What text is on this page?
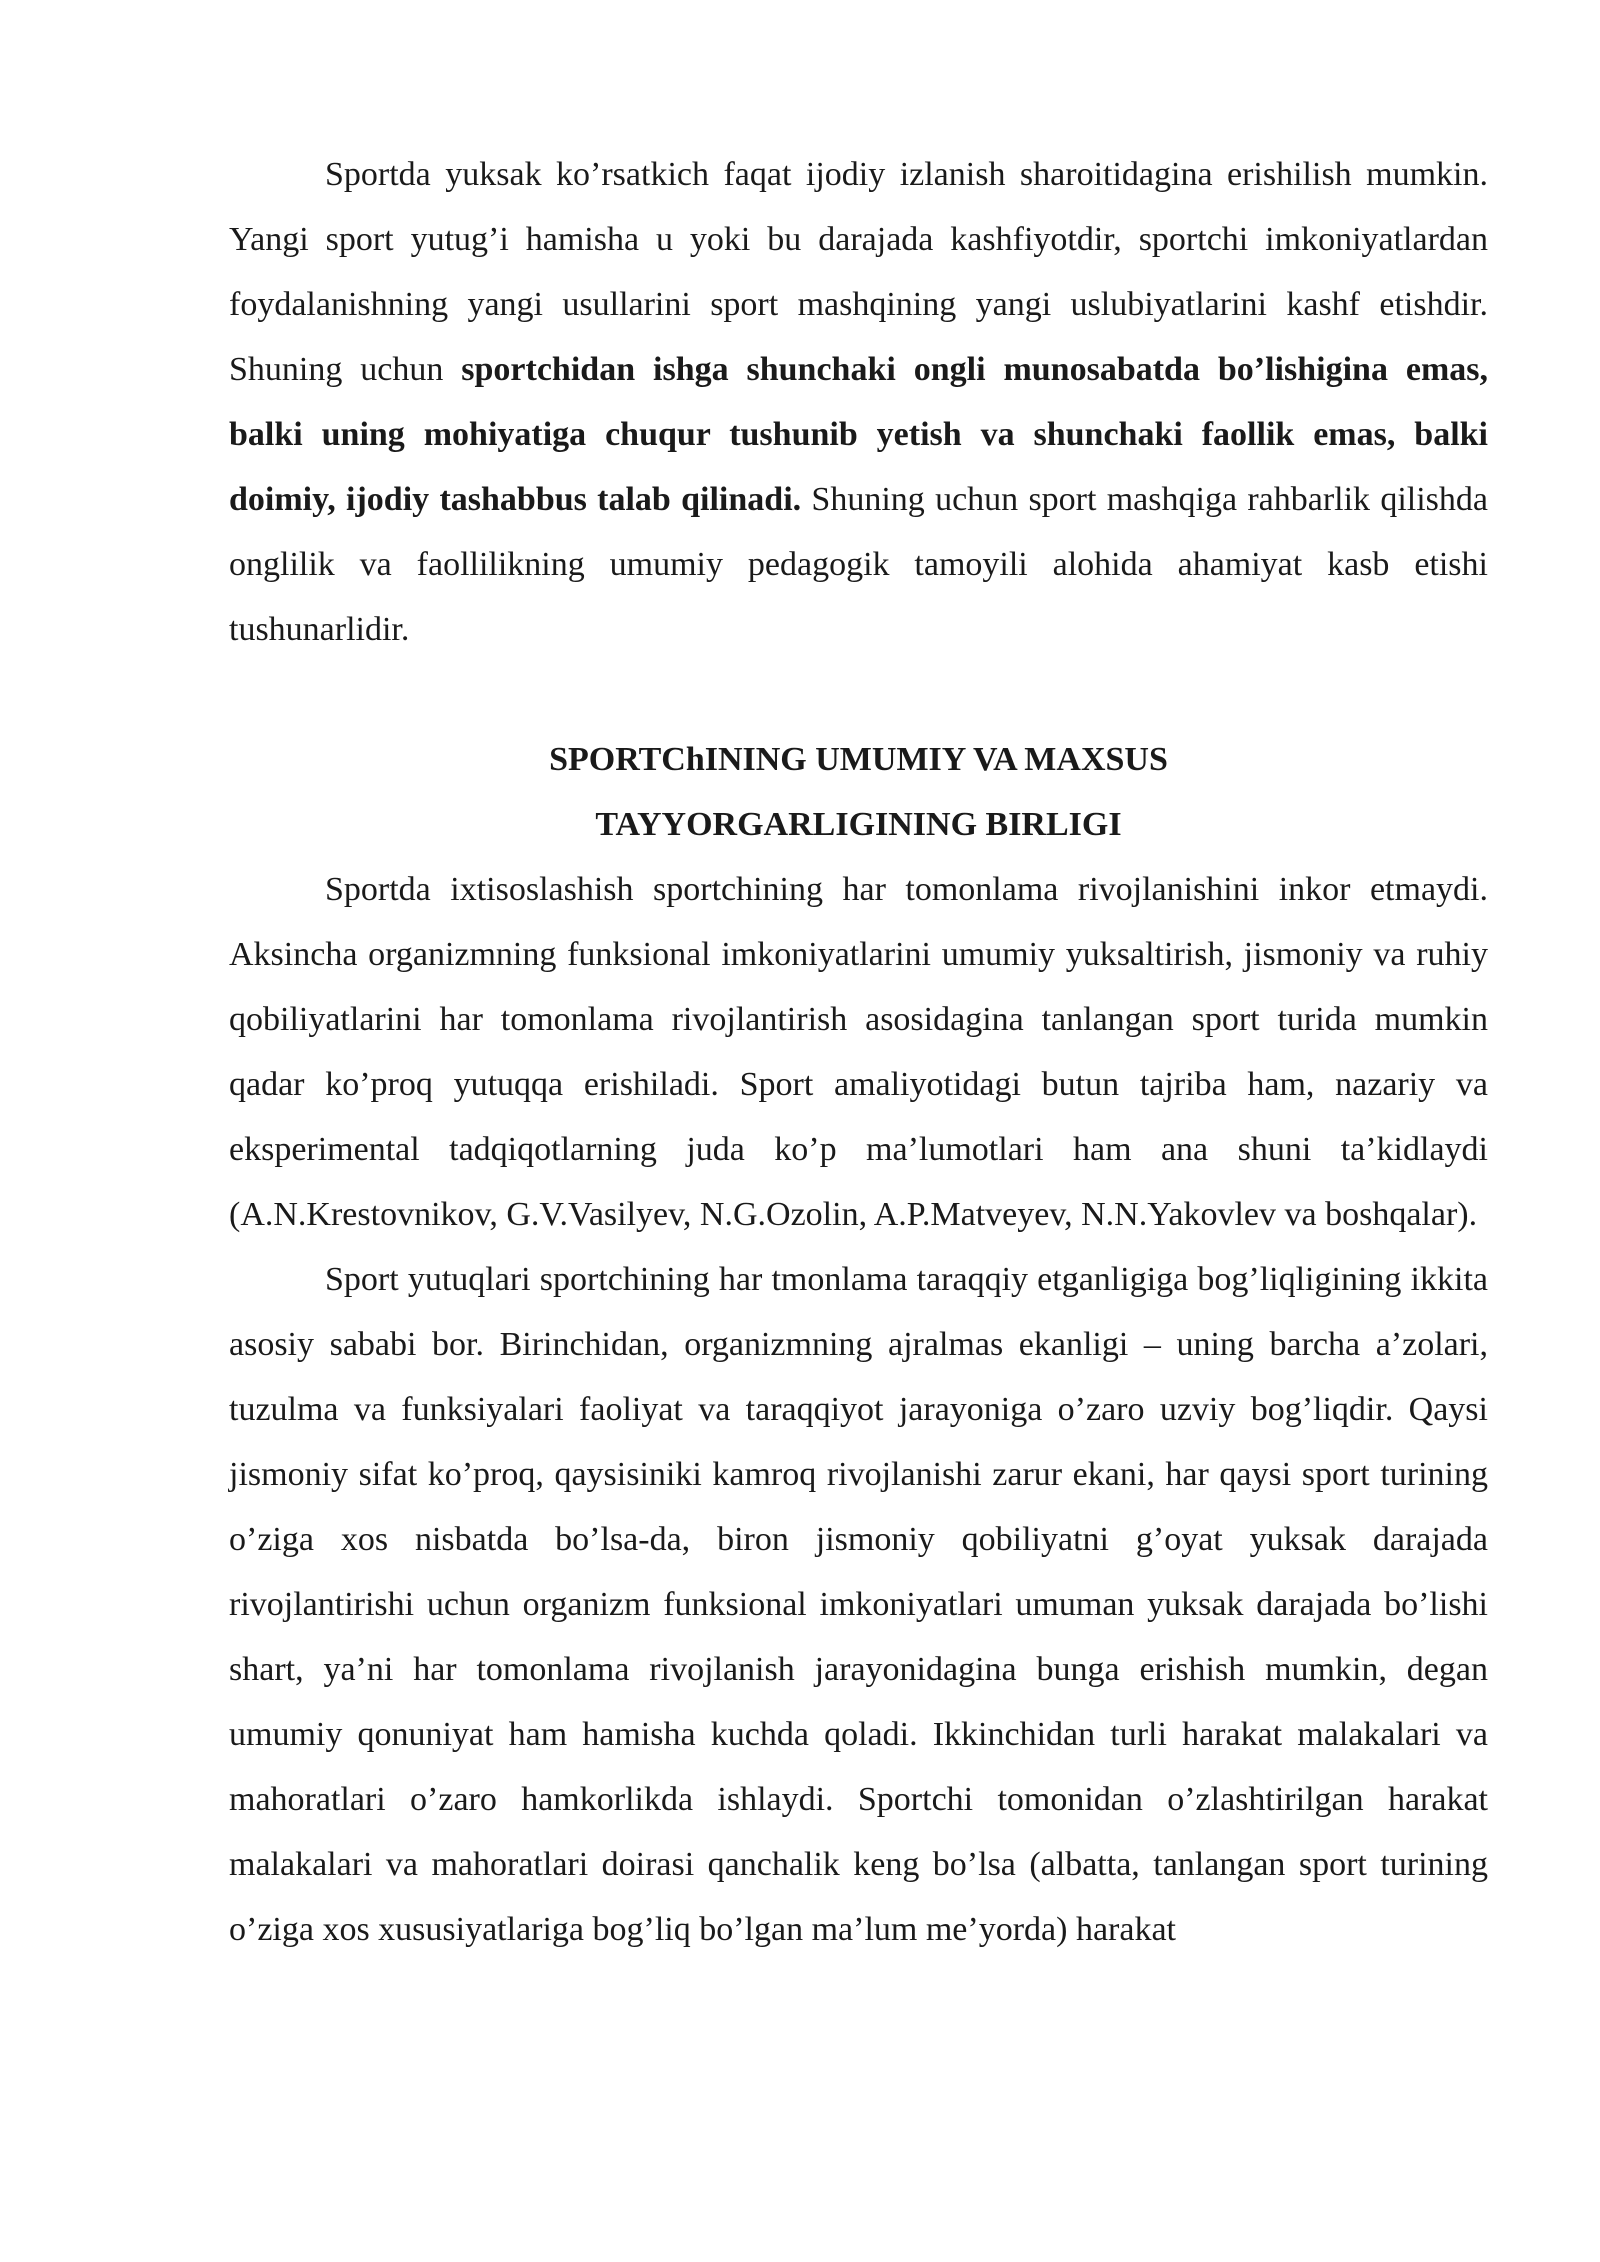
Sportda yuksak ko’rsatkich faqat ijodiy izlanish sharoitidagina erishilish mumkin. Yangi sport yutug’i hamisha u yoki bu darajada kashfiyotdir, sportchi imkoniyatlardan foydalanishning yangi usullarini sport mashqining yangi uslubiyatlarini kashf etishdir. Shuning uchun sportchidan ishga shunchaki ongli munosabatda bo’lishigina emas, balki uning mohiyatiga chuqur tushunib yetish va shunchaki faollik emas, balki doimiy, ijodiy tashabbus talab qilinadi. Shuning uchun sport mashqiga rahbarlik qilishda onglilik va faollilikning umumiy pedagogik tamoyili alohida ahamiyat kasb etishi tushunarlidir.

SPORTChINING UMUMIY VA MAXSUS
TAYYORGARLIGINING BIRLIGI

Sportda ixtisoslashish sportchining har tomonlama rivojlanishini inkor etmaydi. Aksincha organizmning funksional imkoniyatlarini umumiy yuksaltirish, jismoniy va ruhiy qobiliyatlarini har tomonlama rivojlantirish asosidagina tanlangan sport turida mumkin qadar ko’proq yutuqqa erishiladi. Sport amaliyotidagi butun tajriba ham, nazariy va eksperimental tadqiqotlarning juda ko’p ma’lumotlari ham ana shuni ta’kidlaydi (A.N.Krestovnikov, G.V.Vasilyev, N.G.Ozolin, A.P.Matveyev, N.N.Yakovlev va boshqalar).

Sport yutuqlari sportchining har tmonlama taraqqiy etganligiga bog’liqligining ikkita asosiy sababi bor. Birinchidan, organizmning ajralmas ekanligi – uning barcha a’zolari, tuzulma va funksiyalari faoliyat va taraqqiyot jarayoniga o’zaro uzviy bog’liqdir. Qaysi jismoniy sifat ko’proq, qaysisiniki kamroq rivojlanishi zarur ekani, har qaysi sport turining o’ziga xos nisbatda bo’lsa-da, biron jismoniy qobiliyatni g’oyat yuksak darajada rivojlantirishi uchun organizm funksional imkoniyatlari umuman yuksak darajada bo’lishi shart, ya’ni har tomonlama rivojlanish jarayonidagina bunga erishish mumkin, degan umumiy qonuniyat ham hamisha kuchda qoladi. Ikkinchidan turli harakat malakalari va mahoratlari o’zaro hamkorlikda ishlaydi. Sportchi tomonidan o’zlashtirilgan harakat malakalari va mahoratlari doirasi qanchalik keng bo’lsa (albatta, tanlangan sport turining o’ziga xos xususiyatlariga bog’liq bo’lgan ma’lum me’yorda) harakat
